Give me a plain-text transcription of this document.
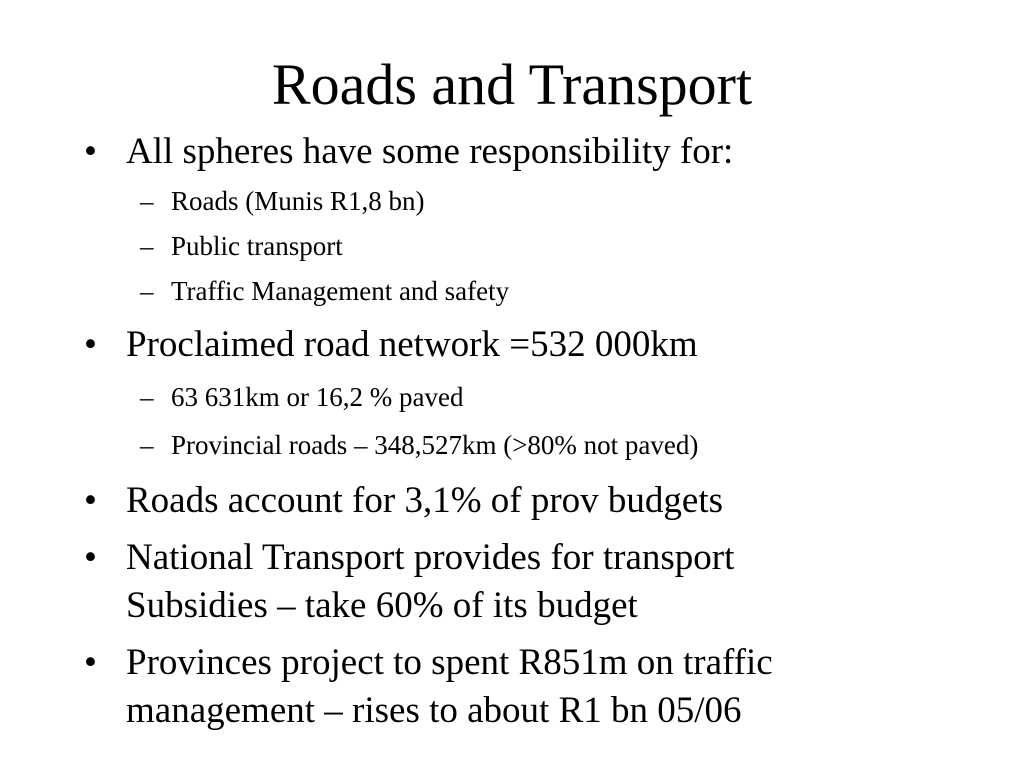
Roads and Transport
• All spheres have some responsibility for:
– Roads (Munis R1,8 bn)
– Public transport
– Traffic Management and safety
• Proclaimed road network =532 000km
– 63 631km or 16,2 % paved
– Provincial roads – 348,527km (>80% not paved)
• Roads account for 3,1% of prov budgets
• National Transport provides for transport
Subsidies – take 60% of its budget
• Provinces project to spent R851m on traffic
management – rises to about R1 bn 05/06
